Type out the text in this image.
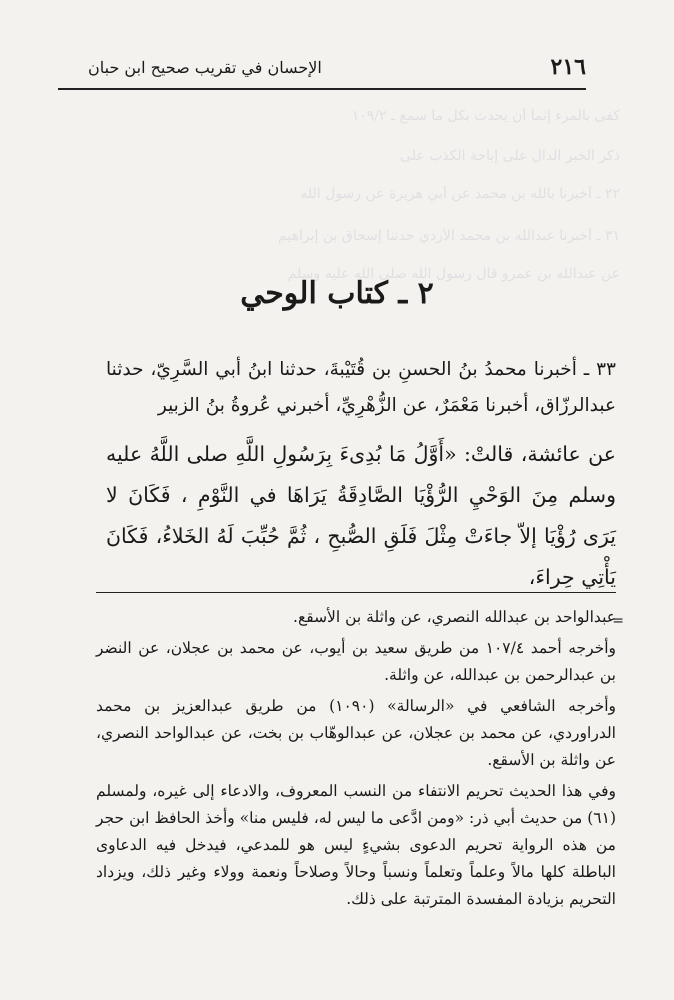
كفى بالمرء إثماً أن يحدث بكل ما سمع ـ ١٠٩/٢
ذكر الخبر الدال على إباحة الكذب على
٢٢ ـ أخبرنا بالله بن محمد عن أبي هريرة عن رسول الله
٣١ ـ أخبرنا عبدالله بن محمد الأزدي حدثنا إسحاق بن إبراهيم
عن عبدالله بن عمرو قال رسول الله صلى الله عليه وسلم
٢١٦
الإحسان في تقريب صحيح ابن حبان
٢ ـ كتاب الوحي
٣٣ ـ أخبرنا محمدُ بنُ الحسنِ بن قُتَيْبةَ، حدثنا ابنُ أبي السَّرِيّ، حدثنا عبدالرزّاق، أخبرنا مَعْمَرٌ، عن الزُّهْرِيِّ، أخبرني عُروةُ بنُ الزبير
عن عائشة، قالتْ: «أَوَّلُ مَا بُدِىءَ بِرَسُولِ اللَّهِ صلى اللَّهُ عليه وسلم مِنَ الوَحْيِ الرُّؤْيَا الصَّادِقَةُ يَرَاهَا في النَّوْمِ ، فَكَانَ لا يَرَى رُؤْيَا إلاّ جاءَتْ مِثْلَ فَلَقِ الصُّبحِ ، ثُمَّ حُبِّبَ لَهُ الخَلاءُ، فَكَانَ يَأْتِي حِراءَ،
=

عبدالواحد بن عبدالله النصري، عن واثلة بن الأسقع.

وأخرجه أحمد ١٠٧/٤ من طريق سعيد بن أيوب، عن محمد بن عجلان، عن النضر بن عبدالرحمن بن عبدالله، عن واثلة.

وأخرجه الشافعي في «الرسالة» (١٠٩٠) من طريق عبدالعزيز بن محمد الدراوردي، عن محمد بن عجلان، عن عبدالوهّاب بن بخت، عن عبدالواحد النصري، عن واثلة بن الأسقع.

وفي هذا الحديث تحريم الانتفاء من النسب المعروف، والادعاء إلى غيره، ولمسلم (٦١) من حديث أبي ذر: «ومن ادَّعى ما ليس له، فليس منا» وأخذ الحافظ ابن حجر من هذه الرواية تحريم الدعوى بشيءٍ ليس هو للمدعي، فيدخل فيه الدعاوى الباطلة كلها مالاً وعلماً وتعلماً ونسباً وحالاً وصلاحاً ونعمة وولاء وغير ذلك، ويزداد التحريم بزيادة المفسدة المترتبة على ذلك.
